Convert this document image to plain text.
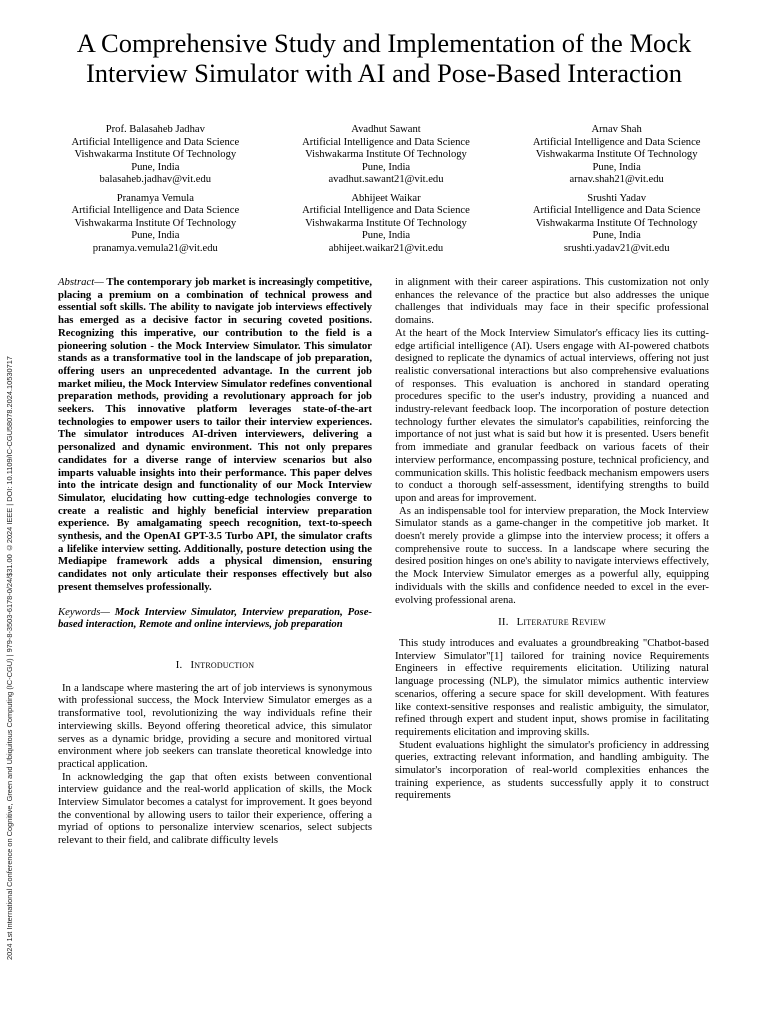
2024 1st International Conference on Cognitive, Green and Ubiquitous Computing (IC-CGU) | 979-8-3503-6178-0/24/$31.00 ©2024 IEEE | DOI: 10.1109/IC-CGU58078.2024.10530717
A Comprehensive Study and Implementation of the Mock Interview Simulator with AI and Pose-Based Interaction
Prof. Balasaheb Jadhav
Artificial Intelligence and Data Science
Vishwakarma Institute Of Technology
Pune, India
balasaheb.jadhav@vit.edu
Avadhut Sawant
Artificial Intelligence and Data Science
Vishwakarma Institute Of Technology
Pune, India
avadhut.sawant21@vit.edu
Arnav Shah
Artificial Intelligence and Data Science
Vishwakarma Institute Of Technology
Pune, India
arnav.shah21@vit.edu
Pranamya Vemula
Artificial Intelligence and Data Science
Vishwakarma Institute Of Technology
Pune, India
pranamya.vemula21@vit.edu
Abhijeet Waikar
Artificial Intelligence and Data Science
Vishwakarma Institute Of Technology
Pune, India
abhijeet.waikar21@vit.edu
Srushti Yadav
Artificial Intelligence and Data Science
Vishwakarma Institute Of Technology
Pune, India
srushti.yadav21@vit.edu

Abstract— The contemporary job market is increasingly competitive, placing a premium on a combination of technical prowess and essential soft skills. The ability to navigate job interviews effectively has emerged as a decisive factor in securing coveted positions. Recognizing this imperative, our contribution to the field is a pioneering solution - the Mock Interview Simulator. This simulator stands as a transformative tool in the landscape of job preparation, offering users an unprecedented advantage. In the current job market milieu, the Mock Interview Simulator redefines conventional preparation methods, providing a revolutionary approach for job seekers. This innovative platform leverages state-of-the-art technologies to empower users to tailor their interview experiences. The simulator introduces AI-driven interviewers, delivering a personalized and dynamic environment. This not only prepares candidates for a diverse range of interview scenarios but also imparts valuable insights into their performance. This paper delves into the intricate design and functionality of our Mock Interview Simulator, elucidating how cutting-edge technologies converge to create a realistic and highly beneficial interview preparation experience. By amalgamating speech recognition, text-to-speech synthesis, and the OpenAI GPT-3.5 Turbo API, the simulator crafts a lifelike interview setting. Additionally, posture detection using the Mediapipe framework adds a physical dimension, ensuring candidates not only articulate their responses effectively but also present themselves professionally.

Keywords— Mock Interview Simulator, Interview preparation, Pose-based interaction, Remote and online interviews, job preparation

I. Introduction

In a landscape where mastering the art of job interviews is synonymous with professional success, the Mock Interview Simulator emerges as a transformative tool, revolutionizing the way individuals refine their interviewing skills. Beyond offering theoretical advice, this simulator serves as a dynamic bridge, providing a secure and monitored virtual environment where job seekers can translate theoretical knowledge into practical application.

In acknowledging the gap that often exists between conventional interview guidance and the real-world application of skills, the Mock Interview Simulator becomes a catalyst for improvement. It goes beyond the conventional by allowing users to tailor their experience, offering a myriad of options to personalize interview scenarios, select subjects relevant to their field, and calibrate difficulty levels

in alignment with their career aspirations. This customization not only enhances the relevance of the practice but also addresses the unique challenges that individuals may face in their specific professional domains.

At the heart of the Mock Interview Simulator's efficacy lies its cutting-edge artificial intelligence (AI). Users engage with AI-powered chatbots designed to replicate the dynamics of actual interviews, offering not just realistic conversational interactions but also comprehensive evaluations of responses. This evaluation is anchored in standard operating procedures specific to the user's industry, providing a nuanced and industry-relevant feedback loop. The incorporation of posture detection technology further elevates the simulator's capabilities, reinforcing the importance of not just what is said but how it is presented. Users benefit from immediate and granular feedback on various facets of their interview performance, encompassing posture, technical proficiency, and communication skills. This holistic feedback mechanism empowers users to conduct a thorough self-assessment, identifying strengths to build upon and areas for improvement.

As an indispensable tool for interview preparation, the Mock Interview Simulator stands as a game-changer in the competitive job market. It doesn't merely provide a glimpse into the interview process; it offers a comprehensive route to success. In a landscape where securing the desired position hinges on one's ability to navigate interviews effectively, the Mock Interview Simulator emerges as a powerful ally, equipping individuals with the skills and confidence needed to excel in the ever-evolving professional arena.

II. Literature Review

This study introduces and evaluates a groundbreaking "Chatbot-based Interview Simulator"[1] tailored for training novice Requirements Engineers in effective requirements elicitation. Utilizing natural language processing (NLP), the simulator mimics authentic interview scenarios, offering a secure space for skill development. With features like context-sensitive responses and realistic ambiguity, the simulator, refined through expert and student input, shows promise in facilitating requirements elicitation and improving skills.

Student evaluations highlight the simulator's proficiency in addressing queries, extracting relevant information, and handling ambiguity. The simulator's incorporation of real-world complexities enhances the training experience, as students successfully apply it to construct requirements
